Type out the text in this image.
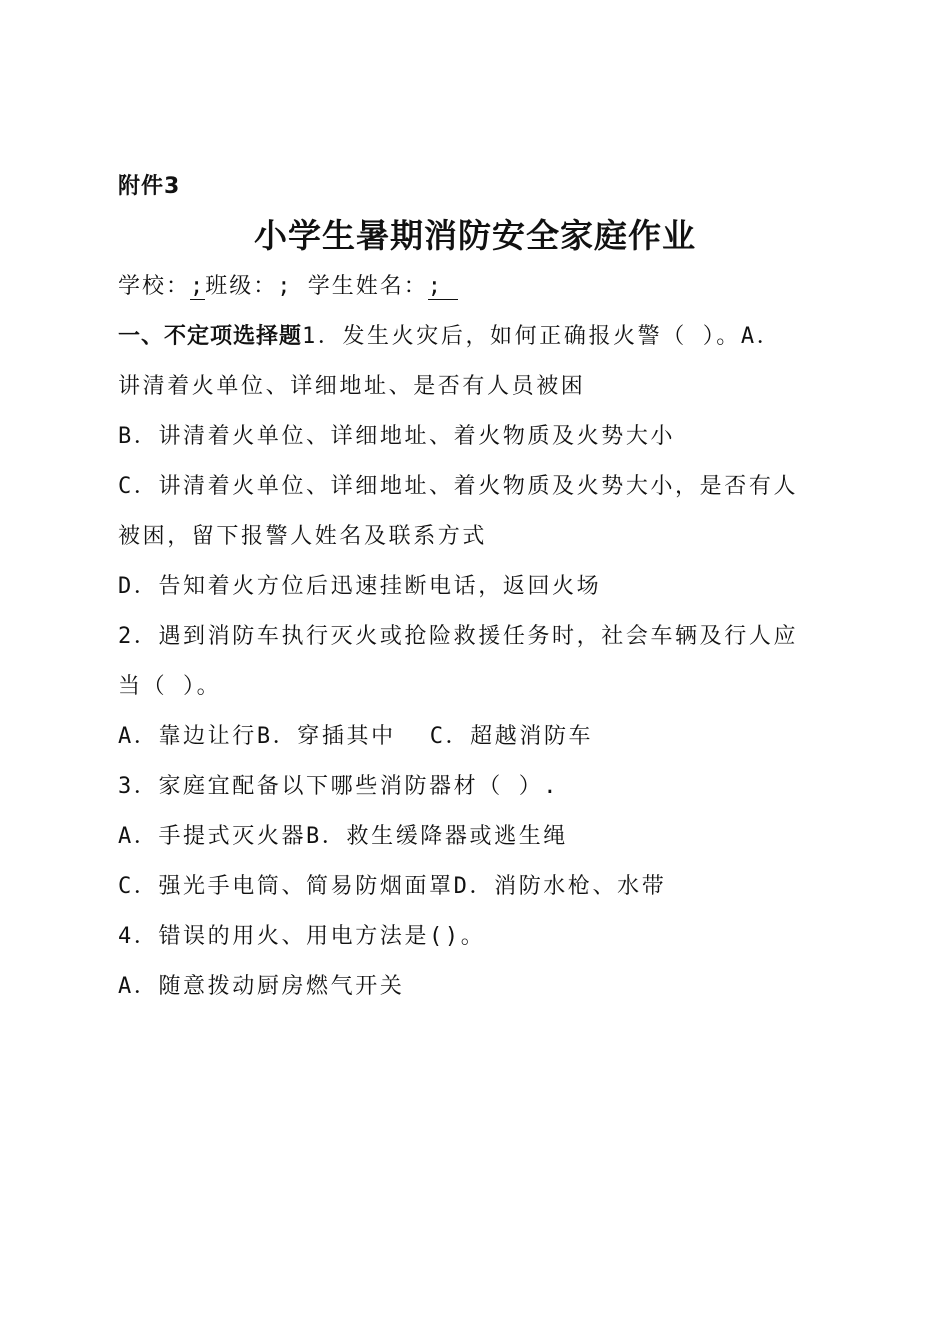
附件3
小学生暑期消防安全家庭作业
学校：;班级：; 学生姓名：;
一、不定项选择题1．发生火灾后，如何正确报火警（ ）。A．
讲清着火单位、详细地址、是否有人员被困
B．讲清着火单位、详细地址、着火物质及火势大小
C．讲清着火单位、详细地址、着火物质及火势大小，是否有人
被困，留下报警人姓名及联系方式
D．告知着火方位后迅速挂断电话，返回火场
2．遇到消防车执行灭火或抢险救援任务时，社会车辆及行人应
当（ ）。
A．靠边让行B．穿插其中 C．超越消防车
3．家庭宜配备以下哪些消防器材（ ）.
A．手提式灭火器B．救生缓降器或逃生绳
C．强光手电筒、简易防烟面罩D．消防水枪、水带
4．错误的用火、用电方法是()。
A．随意拨动厨房燃气开关
